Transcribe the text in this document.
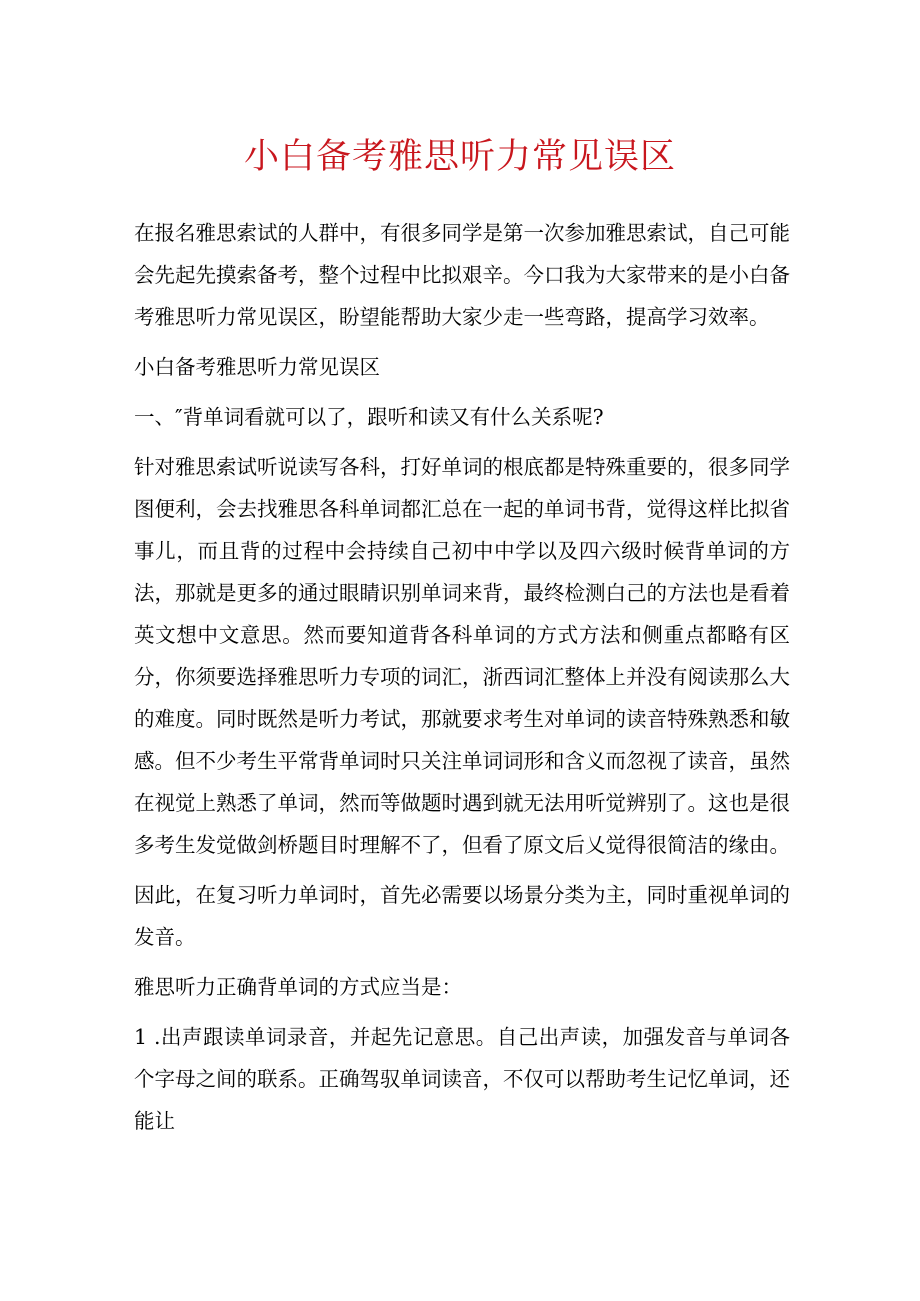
小白备考雅思听力常见误区

在报名雅思索试的人群中，有很多同学是第一次参加雅思索试，自己可能会先起先摸索备考，整个过程中比拟艰辛。今口我为大家带来的是小白备考雅思听力常见误区，盼望能帮助大家少走一些弯路，提高学习效率。

小白备考雅思听力常见误区

一、″背单词看就可以了，跟听和读又有什么关系呢?

针对雅思索试听说读写各科，打好单词的根底都是特殊重要的，很多同学图便利，会去找雅思各科单词都汇总在一起的单词书背，觉得这样比拟省事儿，而且背的过程中会持续自己初中中学以及四六级时候背单词的方法，那就是更多的通过眼睛识别单词来背，最终检测白己的方法也是看着英文想中文意思。然而要知道背各科单词的方式方法和侧重点都略有区分，你须要选择雅思听力专项的词汇，浙西词汇整体上并没有阅读那么大的难度。同时既然是听力考试，那就要求考生对单词的读音特殊熟悉和敏感。但不少考生平常背单词时只关注单词词形和含义而忽视了读音，虽然在视觉上熟悉了单词，然而等做题时遇到就无法用听觉辨别了。这也是很多考生发觉做剑桥题目时理解不了，但看了原文后乂觉得很简洁的缘由。

因此，在复习听力单词时，首先必需要以场景分类为主，同时重视单词的发音。

雅思听力正确背单词的方式应当是：

1 .出声跟读单词录音，并起先记意思。自己出声读，加强发音与单词各个字母之间的联系。正确驾驭单词读音，不仅可以帮助考生记忆单词，还能让
